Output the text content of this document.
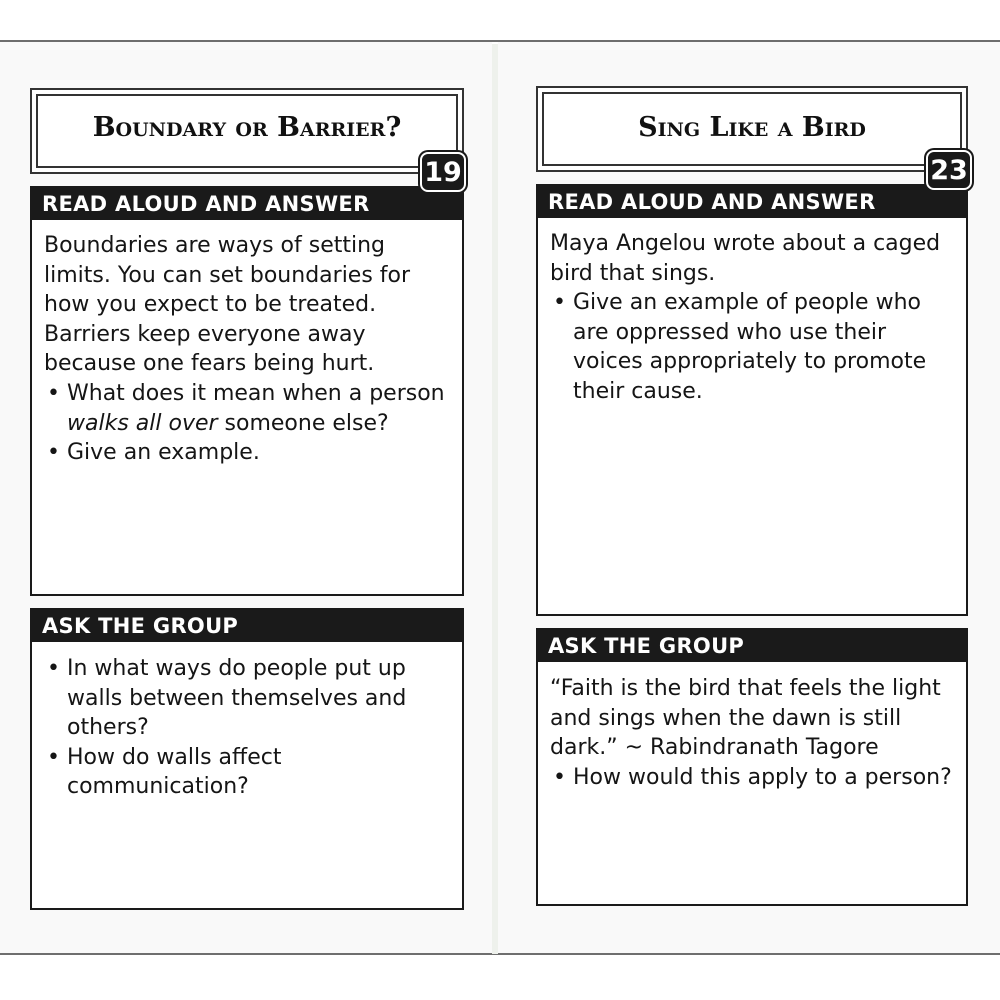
Boundary or Barrier?
READ ALOUD AND ANSWER

Boundaries are ways of setting limits. You can set boundaries for how you expect to be treated.

Barriers keep everyone away because one fears being hurt.

• What does it mean when a person walks all over someone else?
• Give an example.
19
ASK THE GROUP
• In what ways do people put up walls between themselves and others?
• How do walls affect communication?
Sing Like a Bird
READ ALOUD AND ANSWER

Maya Angelou wrote about a caged bird that sings.

• Give an example of people who are oppressed who use their voices appropriately to promote their cause.
23
ASK THE GROUP

“Faith is the bird that feels the light and sings when the dawn is still dark.” ~ Rabindranath Tagore

• How would this apply to a person?
